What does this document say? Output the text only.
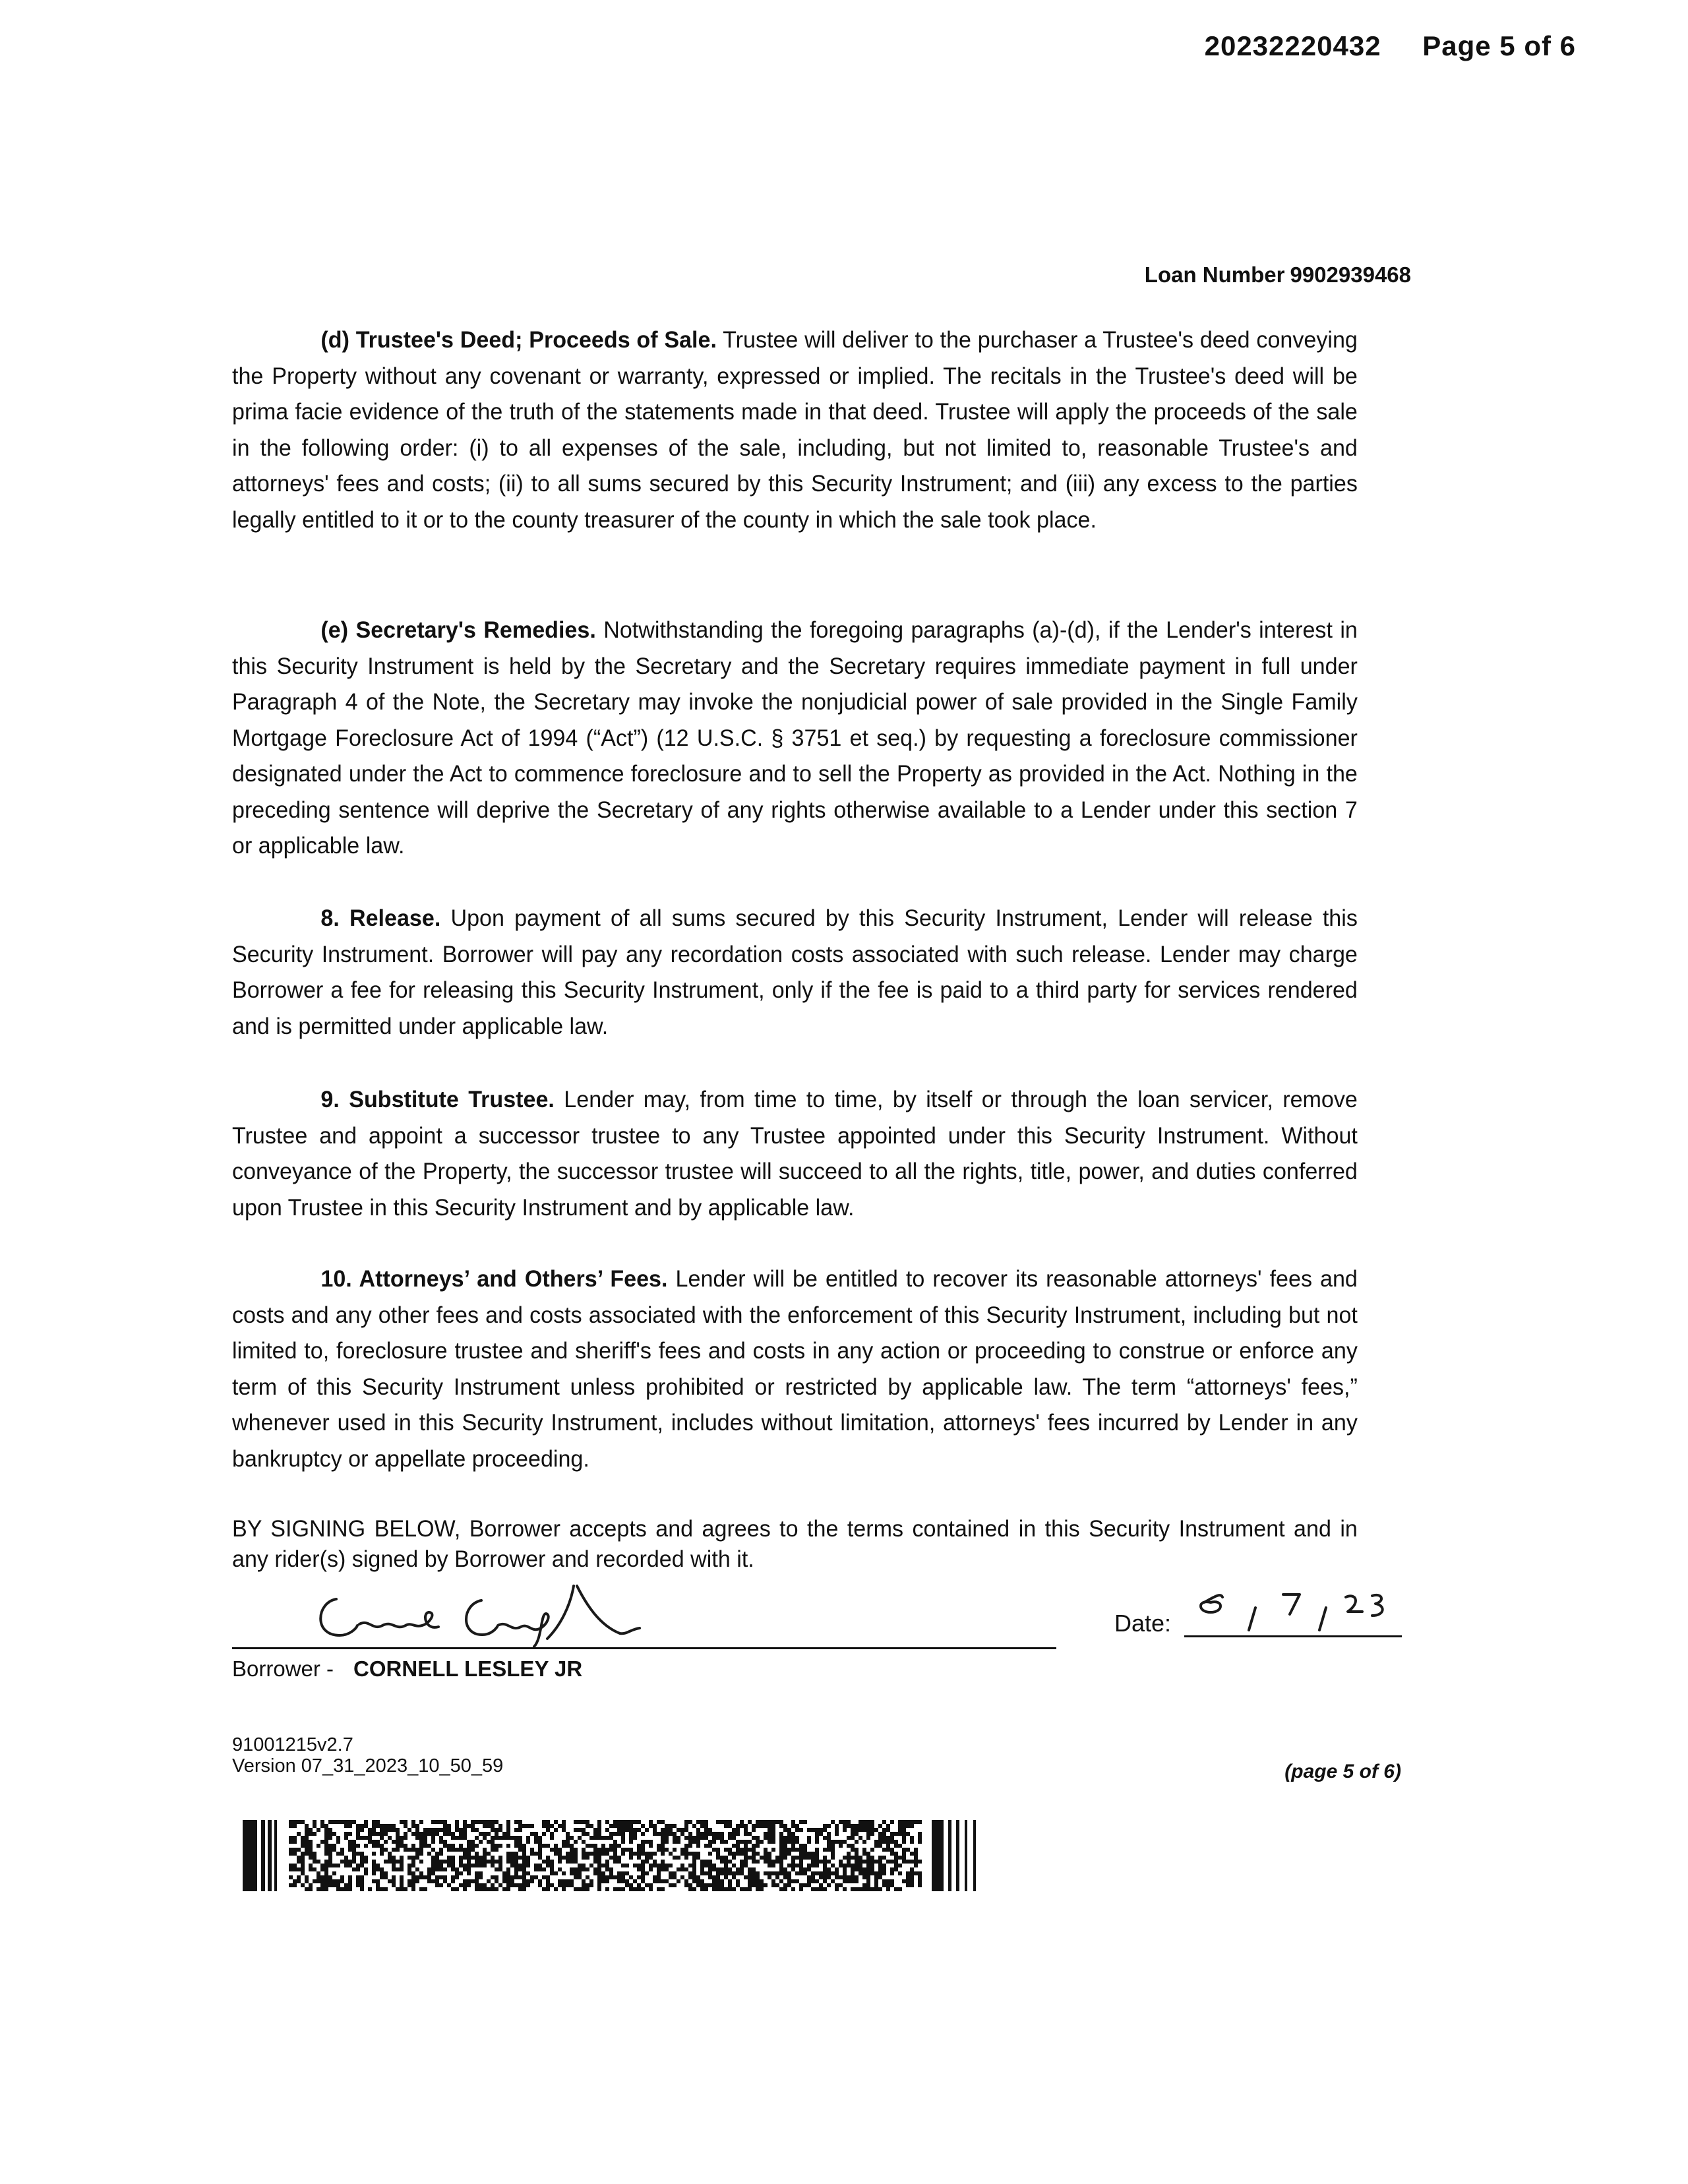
20232220432 Page 5 of 6
Loan Number 9902939468

(d) Trustee's Deed; Proceeds of Sale. Trustee will deliver to the purchaser a Trustee's deed conveying the Property without any covenant or warranty, expressed or implied. The recitals in the Trustee's deed will be prima facie evidence of the truth of the statements made in that deed. Trustee will apply the proceeds of the sale in the following order: (i) to all expenses of the sale, including, but not limited to, reasonable Trustee's and attorneys' fees and costs; (ii) to all sums secured by this Security Instrument; and (iii) any excess to the parties legally entitled to it or to the county treasurer of the county in which the sale took place.

(e) Secretary's Remedies. Notwithstanding the foregoing paragraphs (a)-(d), if the Lender's interest in this Security Instrument is held by the Secretary and the Secretary requires immediate payment in full under Paragraph 4 of the Note, the Secretary may invoke the nonjudicial power of sale provided in the Single Family Mortgage Foreclosure Act of 1994 (“Act”) (12 U.S.C. § 3751 et seq.) by requesting a foreclosure commissioner designated under the Act to commence foreclosure and to sell the Property as provided in the Act. Nothing in the preceding sentence will deprive the Secretary of any rights otherwise available to a Lender under this section 7 or applicable law.

8. Release. Upon payment of all sums secured by this Security Instrument, Lender will release this Security Instrument. Borrower will pay any recordation costs associated with such release. Lender may charge Borrower a fee for releasing this Security Instrument, only if the fee is paid to a third party for services rendered and is permitted under applicable law.

9. Substitute Trustee. Lender may, from time to time, by itself or through the loan servicer, remove Trustee and appoint a successor trustee to any Trustee appointed under this Security Instrument. Without conveyance of the Property, the successor trustee will succeed to all the rights, title, power, and duties conferred upon Trustee in this Security Instrument and by applicable law.

10. Attorneys’ and Others’ Fees. Lender will be entitled to recover its reasonable attorneys' fees and costs and any other fees and costs associated with the enforcement of this Security Instrument, including but not limited to, foreclosure trustee and sheriff's fees and costs in any action or proceeding to construe or enforce any term of this Security Instrument unless prohibited or restricted by applicable law. The term “attorneys' fees,” whenever used in this Security Instrument, includes without limitation, attorneys' fees incurred by Lender in any bankruptcy or appellate proceeding.

BY SIGNING BELOW, Borrower accepts and agrees to the terms contained in this Security Instrument and in any rider(s) signed by Borrower and recorded with it.

Borrower - CORNELL LESLEY JR
Date:
91001215v2.7
Version 07_31_2023_10_50_59	(page 5 of 6)
